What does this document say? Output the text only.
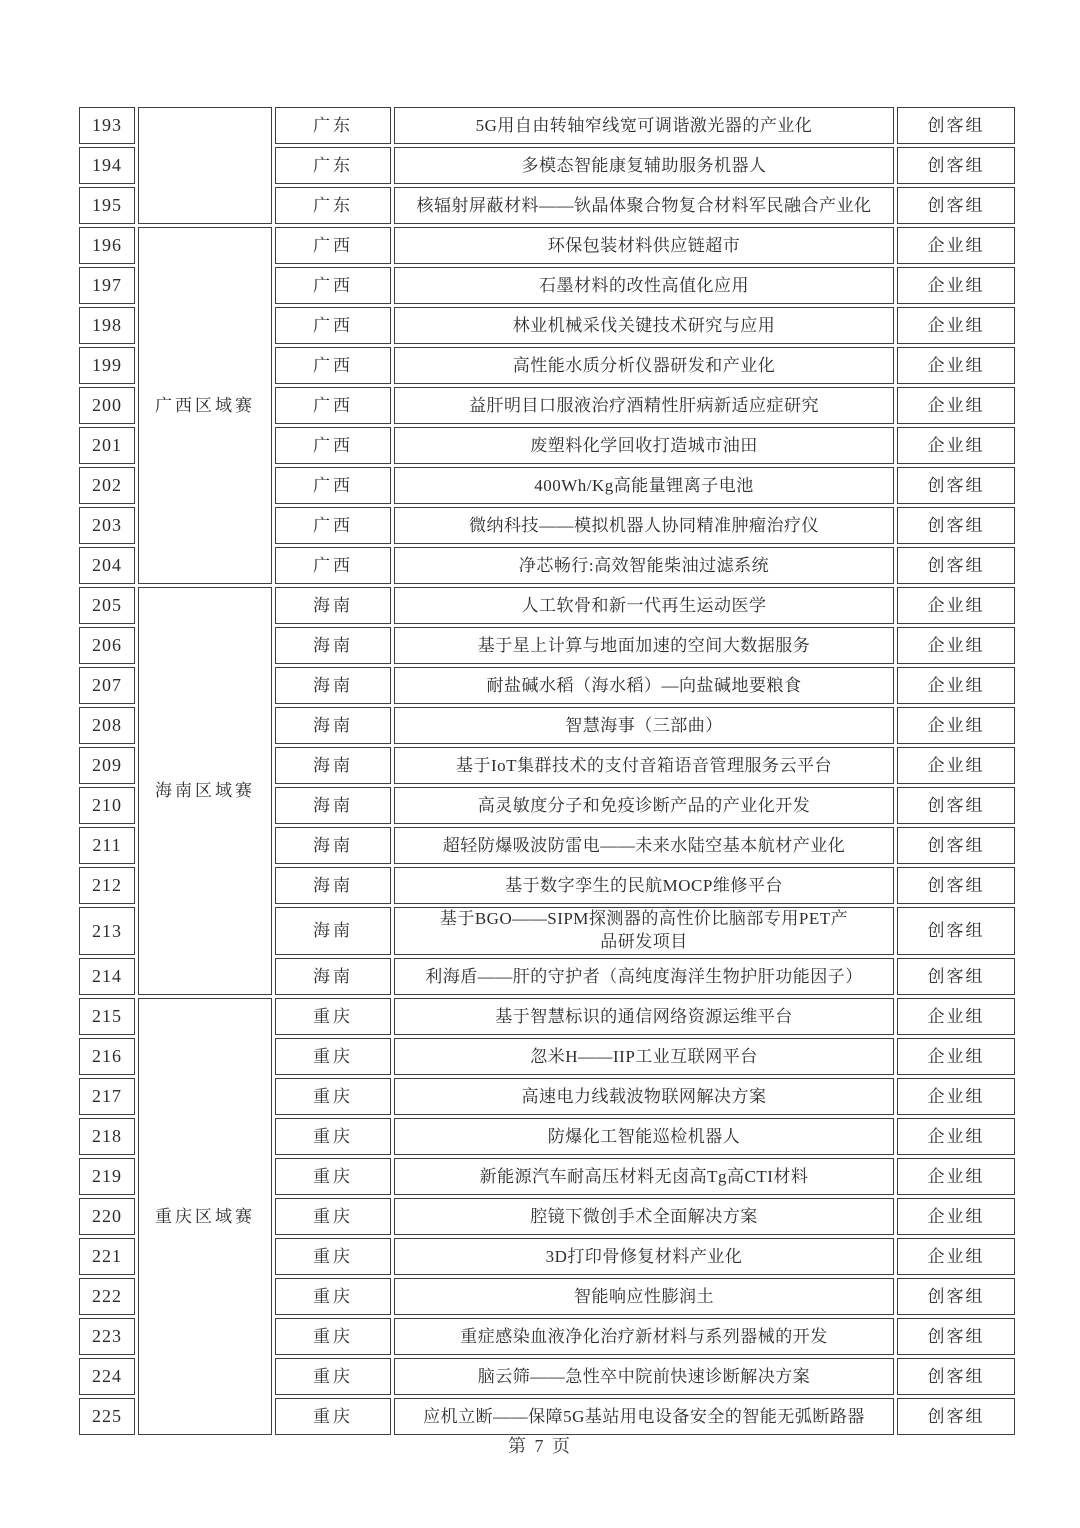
193		广东	5G用自由转轴窄线宽可调谐激光器的产业化	创客组
194		广东	多模态智能康复辅助服务机器人	创客组
195		广东	核辐射屏蔽材料——钬晶体聚合物复合材料军民融合产业化	创客组
196	广西区域赛	广西	环保包装材料供应链超市	企业组
197		广西	石墨材料的改性高值化应用	企业组
198		广西	林业机械采伐关键技术研究与应用	企业组
199		广西	高性能水质分析仪器研发和产业化	企业组
200		广西	益肝明目口服液治疗酒精性肝病新适应症研究	企业组
201		广西	废塑料化学回收打造城市油田	企业组
202		广西	400Wh/Kg高能量锂离子电池	创客组
203		广西	微纳科技——模拟机器人协同精准肿瘤治疗仪	创客组
204		广西	净芯畅行:高效智能柴油过滤系统	创客组
205	海南区域赛	海南	人工软骨和新一代再生运动医学	企业组
206		海南	基于星上计算与地面加速的空间大数据服务	企业组
207		海南	耐盐碱水稻（海水稻）—向盐碱地要粮食	企业组
208		海南	智慧海事（三部曲）	企业组
209		海南	基于IoT集群技术的支付音箱语音管理服务云平台	企业组
210		海南	高灵敏度分子和免疫诊断产品的产业化开发	创客组
211		海南	超轻防爆吸波防雷电——未来水陆空基本航材产业化	创客组
212		海南	基于数字孪生的民航MOCP维修平台	创客组
213		海南	基于BGO——SIPM探测器的高性价比脑部专用PET产品研发项目	创客组
214		海南	利海盾——肝的守护者（高纯度海洋生物护肝功能因子）	创客组
215	重庆区域赛	重庆	基于智慧标识的通信网络资源运维平台	企业组
216		重庆	忽米H——IIP工业互联网平台	企业组
217		重庆	高速电力线载波物联网解决方案	企业组
218		重庆	防爆化工智能巡检机器人	企业组
219		重庆	新能源汽车耐高压材料无卤高Tg高CTI材料	企业组
220		重庆	腔镜下微创手术全面解决方案	企业组
221		重庆	3D打印骨修复材料产业化	企业组
222		重庆	智能响应性膨润土	创客组
223		重庆	重症感染血液净化治疗新材料与系列器械的开发	创客组
224		重庆	脑云筛——急性卒中院前快速诊断解决方案	创客组
225		重庆	应机立断——保障5G基站用电设备安全的智能无弧断路器	创客组
第 7 页
